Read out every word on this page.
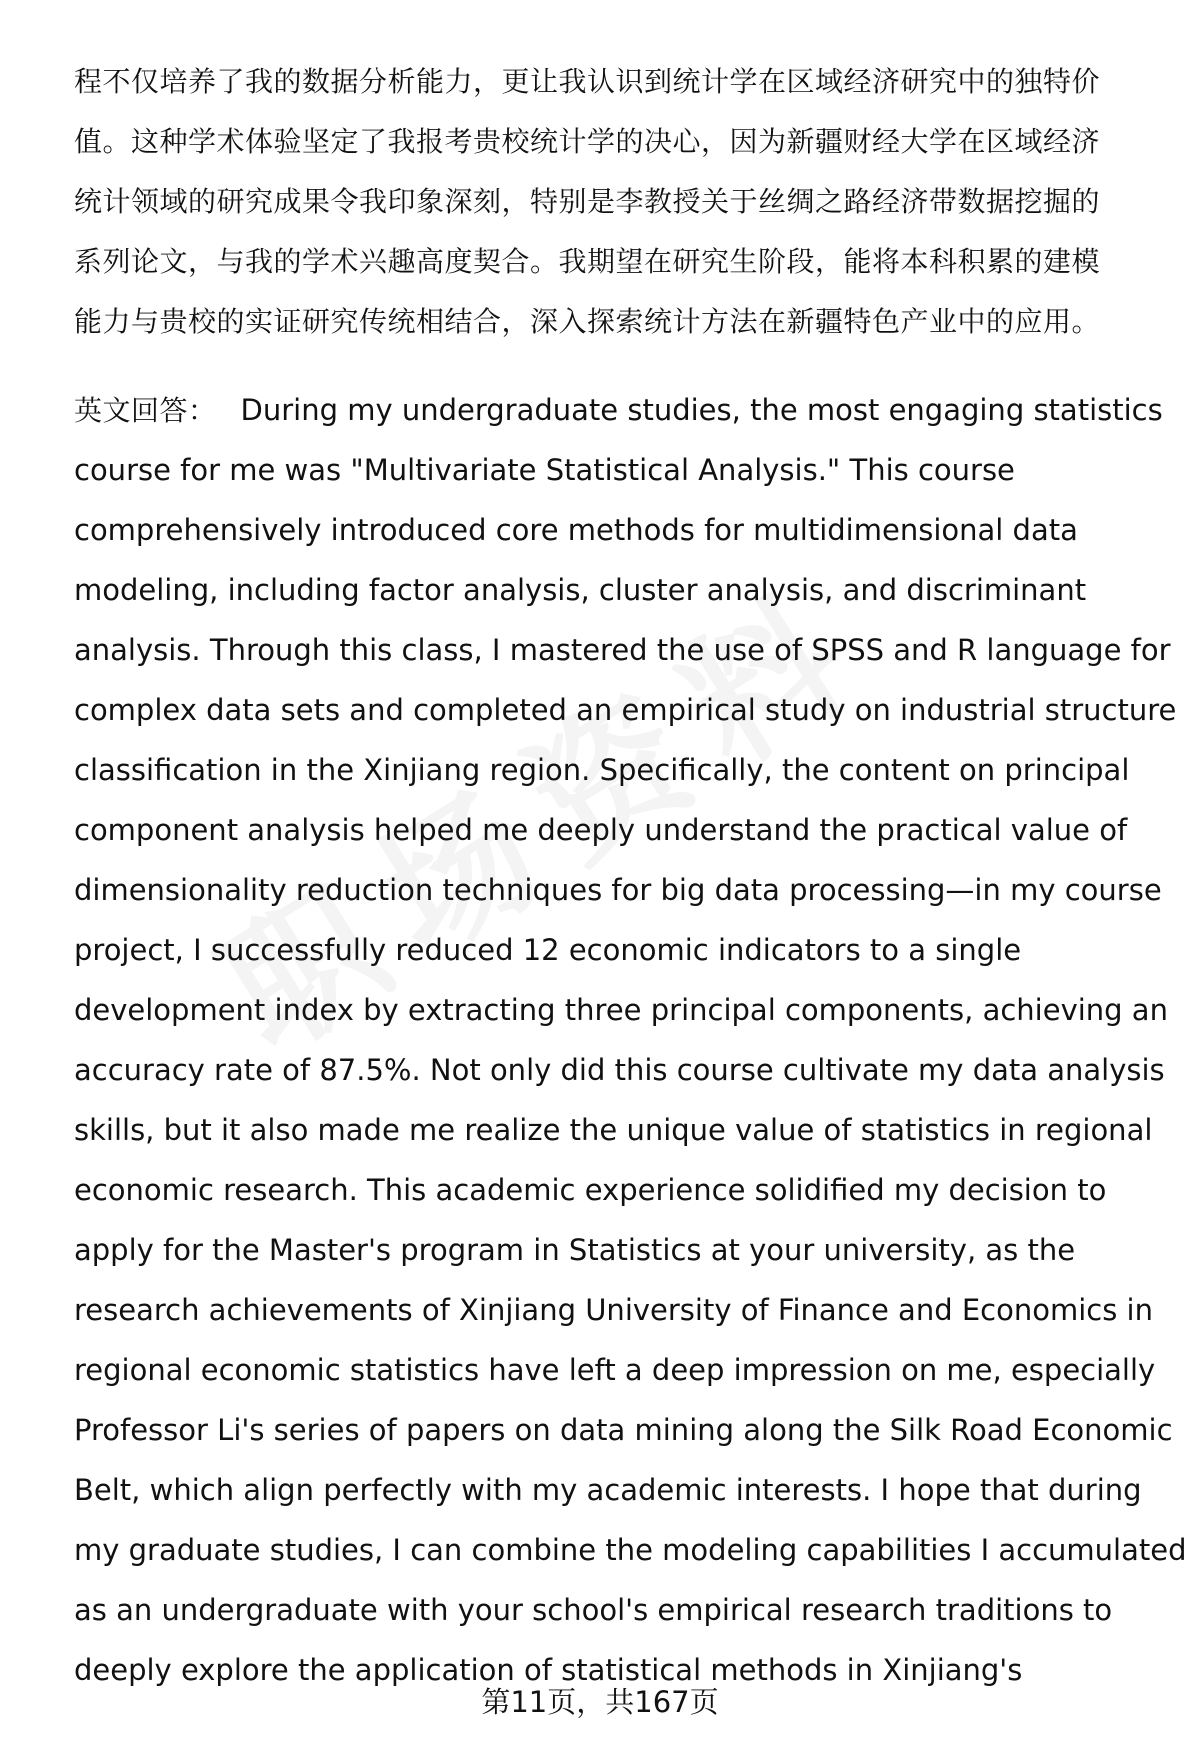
程不仅培养了我的数据分析能力，更让我认识到统计学在区域经济研究中的独特价
值。这种学术体验坚定了我报考贵校统计学的决心，因为新疆财经大学在区域经济
统计领域的研究成果令我印象深刻，特别是李教授关于丝绸之路经济带数据挖掘的
系列论文，与我的学术兴趣高度契合。我期望在研究生阶段，能将本科积累的建模
能力与贵校的实证研究传统相结合，深入探索统计方法在新疆特色产业中的应用。
英文回答： During my undergraduate studies, the most engaging statistics
course for me was "Multivariate Statistical Analysis." This course
comprehensively introduced core methods for multidimensional data
modeling, including factor analysis, cluster analysis, and discriminant
analysis. Through this class, I mastered the use of SPSS and R language for
complex data sets and completed an empirical study on industrial structure
classification in the Xinjiang region. Specifically, the content on principal
component analysis helped me deeply understand the practical value of
dimensionality reduction techniques for big data processing—in my course
project, I successfully reduced 12 economic indicators to a single
development index by extracting three principal components, achieving an
accuracy rate of 87.5%. Not only did this course cultivate my data analysis
skills, but it also made me realize the unique value of statistics in regional
economic research. This academic experience solidified my decision to
apply for the Master's program in Statistics at your university, as the
research achievements of Xinjiang University of Finance and Economics in
regional economic statistics have left a deep impression on me, especially
Professor Li's series of papers on data mining along the Silk Road Economic
Belt, which align perfectly with my academic interests. I hope that during
my graduate studies, I can combine the modeling capabilities I accumulated
as an undergraduate with your school's empirical research traditions to
deeply explore the application of statistical methods in Xinjiang's
第11页，共167页
